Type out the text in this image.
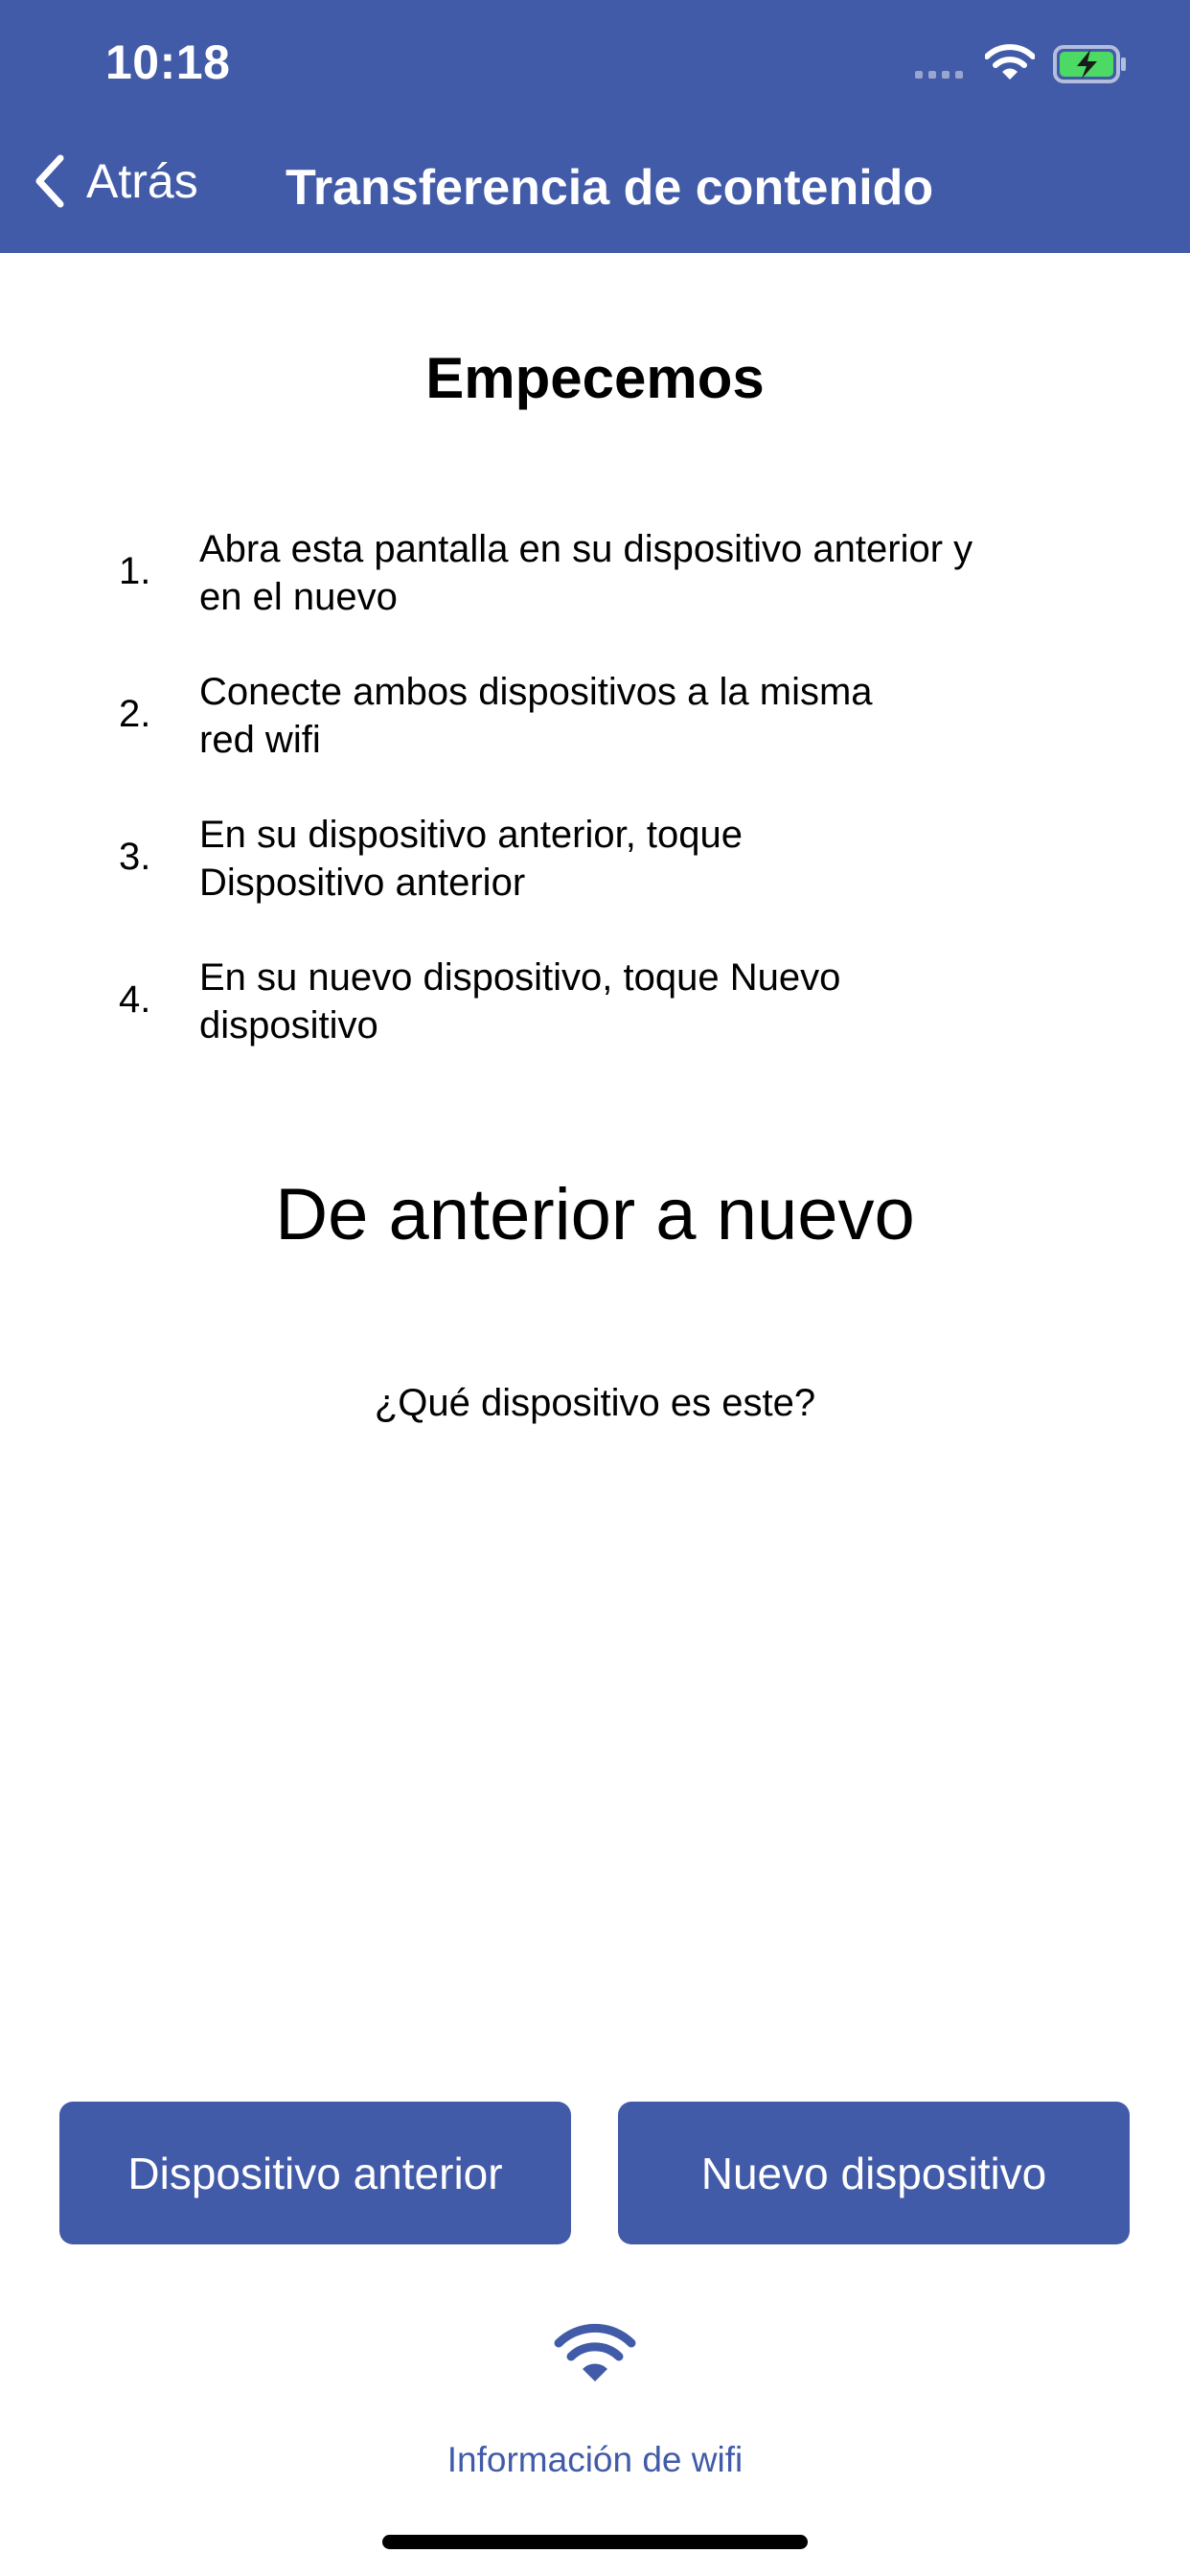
10:18
Atrás Transferencia de contenido
Empecemos
1.
Abra esta pantalla en su dispositivo anterior y
en el nuevo
2.
Conecte ambos dispositivos a la misma
red wifi
3.
En su dispositivo anterior, toque
Dispositivo anterior
4.
En su nuevo dispositivo, toque Nuevo
dispositivo
De anterior a nuevo
¿Qué dispositivo es este?
Dispositivo anterior	Nuevo dispositivo
Información de wifi
